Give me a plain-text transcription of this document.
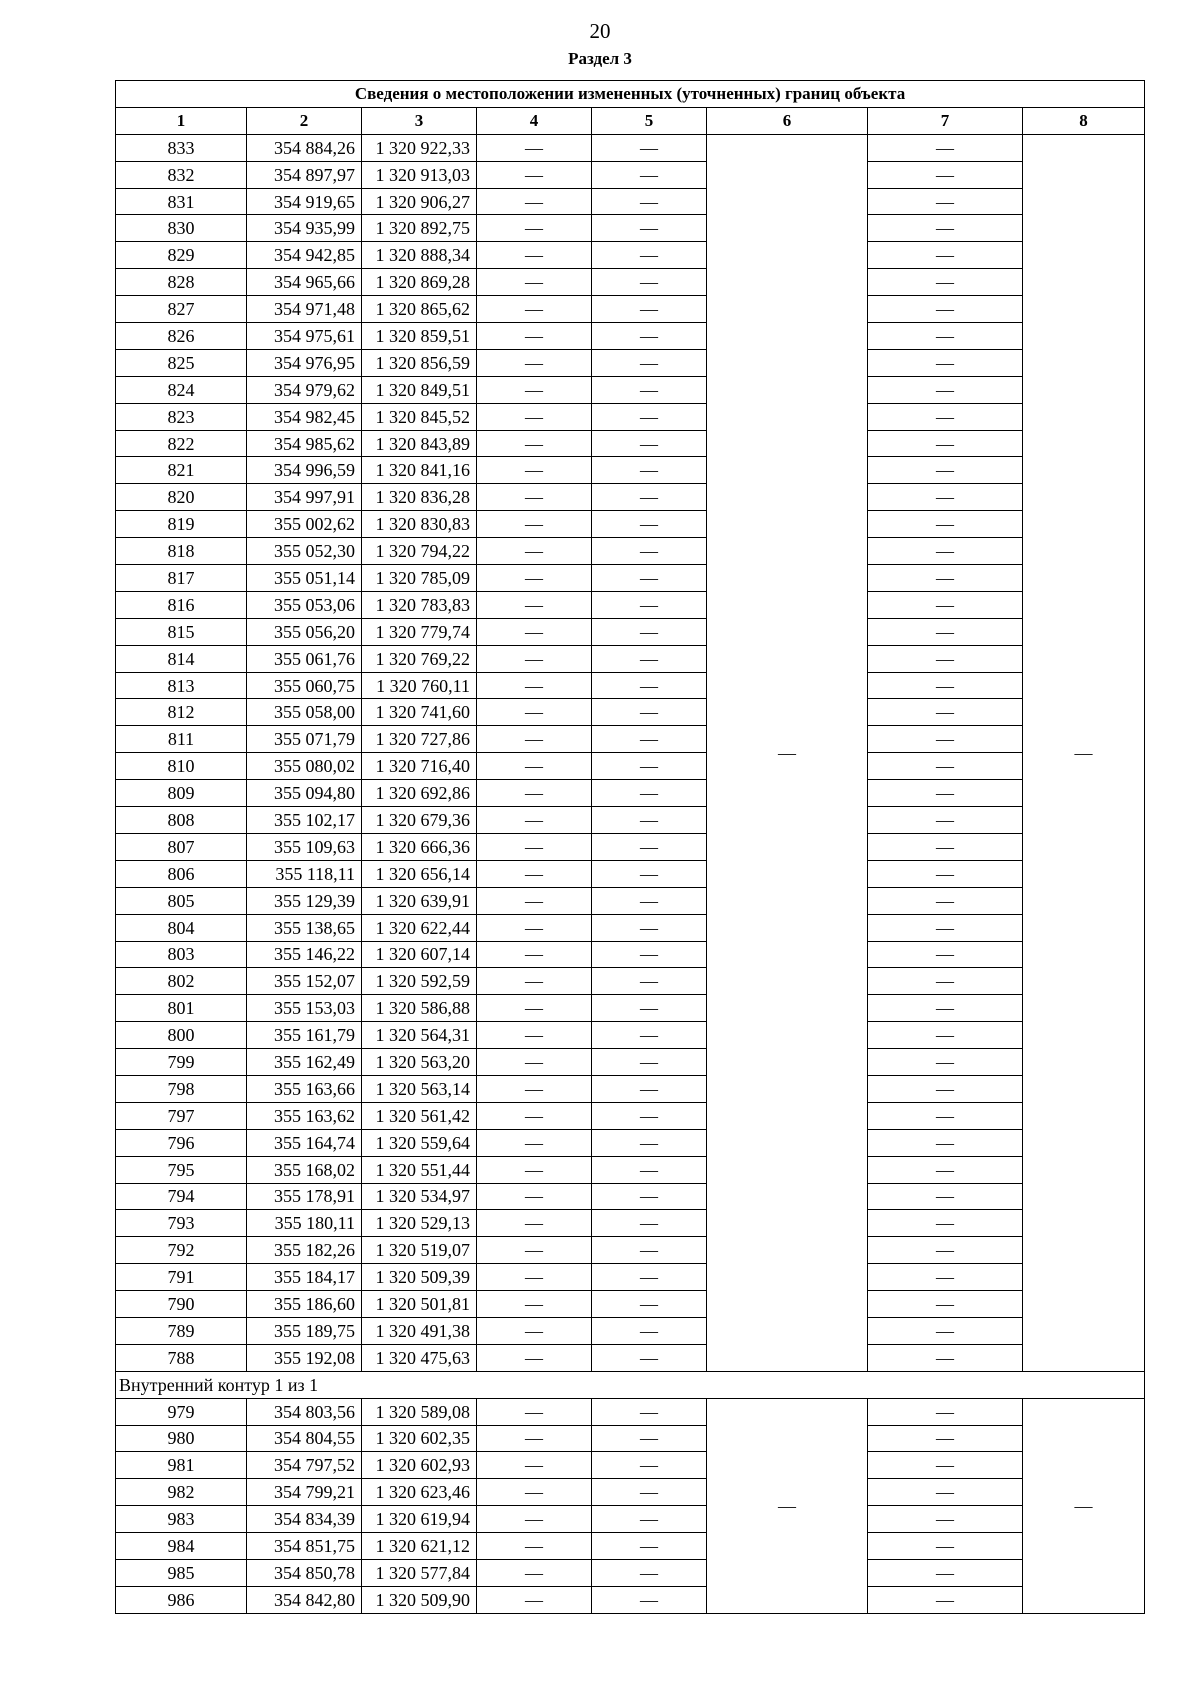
20
Раздел 3
Сведения о местоположении измененных (уточненных) границ объекта							
1	2	3	4	5	6	7	8
833	354 884,26	1 320 922,33	—	—	—	—	—
832	354 897,97	1 320 913,03	—	—		—	
831	354 919,65	1 320 906,27	—	—		—	
830	354 935,99	1 320 892,75	—	—		—	
829	354 942,85	1 320 888,34	—	—		—	
828	354 965,66	1 320 869,28	—	—		—	
827	354 971,48	1 320 865,62	—	—		—	
826	354 975,61	1 320 859,51	—	—		—	
825	354 976,95	1 320 856,59	—	—		—	
824	354 979,62	1 320 849,51	—	—		—	
823	354 982,45	1 320 845,52	—	—		—	
822	354 985,62	1 320 843,89	—	—		—	
821	354 996,59	1 320 841,16	—	—		—	
820	354 997,91	1 320 836,28	—	—		—	
819	355 002,62	1 320 830,83	—	—		—	
818	355 052,30	1 320 794,22	—	—		—	
817	355 051,14	1 320 785,09	—	—		—	
816	355 053,06	1 320 783,83	—	—		—	
815	355 056,20	1 320 779,74	—	—		—	
814	355 061,76	1 320 769,22	—	—		—	
813	355 060,75	1 320 760,11	—	—		—	
812	355 058,00	1 320 741,60	—	—		—	
811	355 071,79	1 320 727,86	—	—		—	
810	355 080,02	1 320 716,40	—	—		—	
809	355 094,80	1 320 692,86	—	—		—	
808	355 102,17	1 320 679,36	—	—		—	
807	355 109,63	1 320 666,36	—	—		—	
806	355 118,11	1 320 656,14	—	—		—	
805	355 129,39	1 320 639,91	—	—		—	
804	355 138,65	1 320 622,44	—	—		—	
803	355 146,22	1 320 607,14	—	—		—	
802	355 152,07	1 320 592,59	—	—		—	
801	355 153,03	1 320 586,88	—	—		—	
800	355 161,79	1 320 564,31	—	—		—	
799	355 162,49	1 320 563,20	—	—		—	
798	355 163,66	1 320 563,14	—	—		—	
797	355 163,62	1 320 561,42	—	—		—	
796	355 164,74	1 320 559,64	—	—		—	
795	355 168,02	1 320 551,44	—	—		—	
794	355 178,91	1 320 534,97	—	—		—	
793	355 180,11	1 320 529,13	—	—		—	
792	355 182,26	1 320 519,07	—	—		—	
791	355 184,17	1 320 509,39	—	—		—	
790	355 186,60	1 320 501,81	—	—		—	
789	355 189,75	1 320 491,38	—	—		—	
788	355 192,08	1 320 475,63	—	—		—	
Внутренний контур 1 из 1							
979	354 803,56	1 320 589,08	—	—	—	—	—
980	354 804,55	1 320 602,35	—	—		—	
981	354 797,52	1 320 602,93	—	—		—	
982	354 799,21	1 320 623,46	—	—		—	
983	354 834,39	1 320 619,94	—	—		—	
984	354 851,75	1 320 621,12	—	—		—	
985	354 850,78	1 320 577,84	—	—		—	
986	354 842,80	1 320 509,90	—	—		—	
